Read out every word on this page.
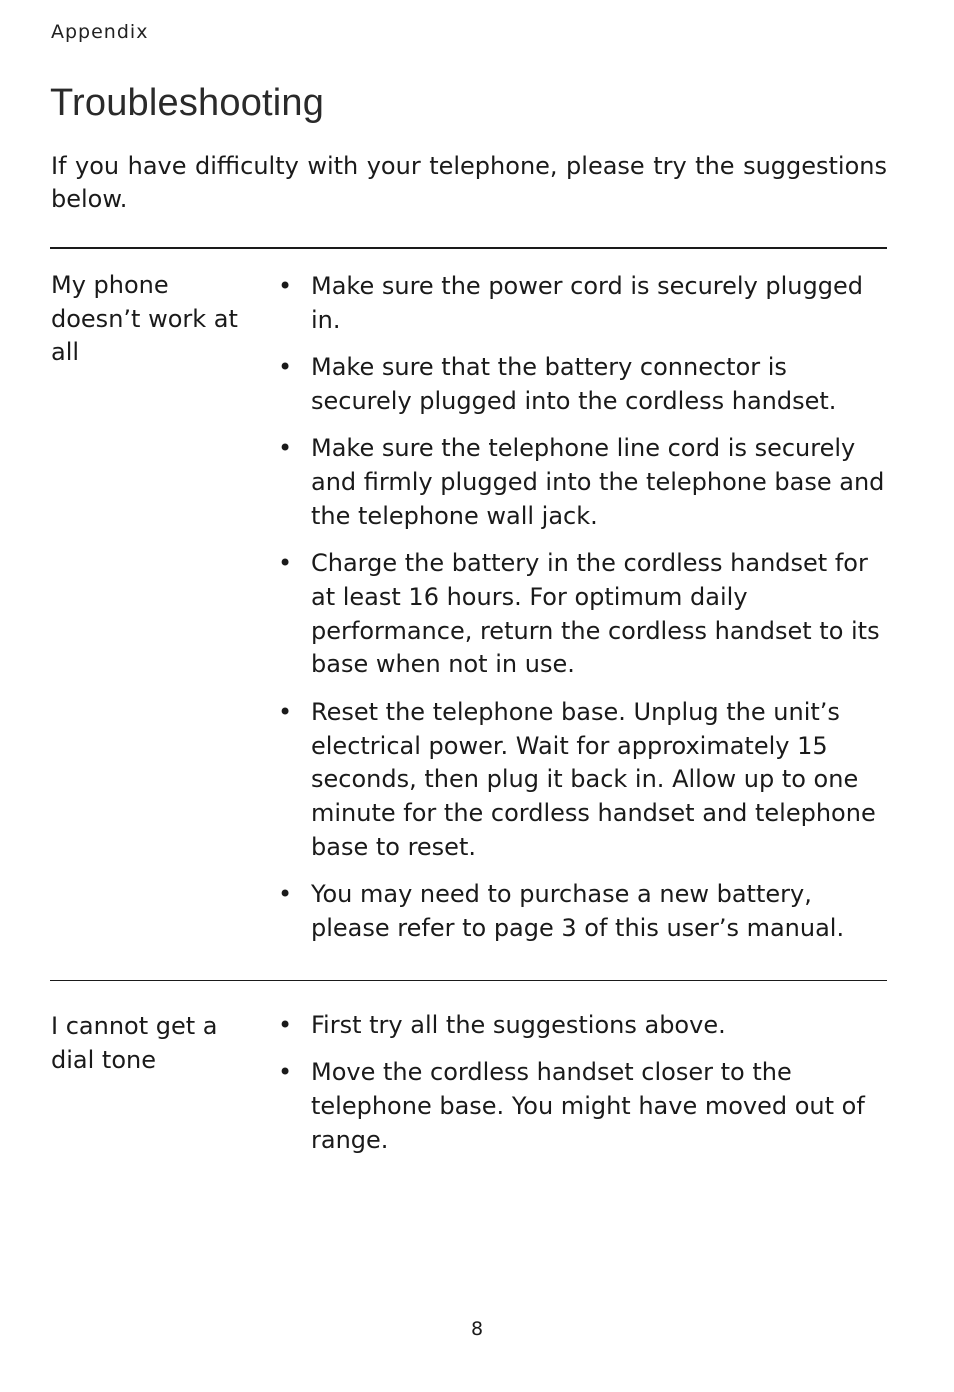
Appendix
Troubleshooting

If you have difficulty with your telephone, please try the suggestions below.

My phone doesn’t work at all

• Make sure the power cord is securely plugged in.
• Make sure that the battery connector is securely plugged into the cordless handset.
• Make sure the telephone line cord is securely and firmly plugged into the telephone base and the telephone wall jack.
• Charge the battery in the cordless handset for at least 16 hours. For optimum daily performance, return the cordless handset to its base when not in use.
• Reset the telephone base. Unplug the unit’s electrical power. Wait for approximately 15 seconds, then plug it back in. Allow up to one minute for the cordless handset and telephone base to reset.
• You may need to purchase a new battery, please refer to page 3 of this user’s manual.

I cannot get a dial tone

• First try all the suggestions above.
• Move the cordless handset closer to the telephone base. You might have moved out of range.
8
